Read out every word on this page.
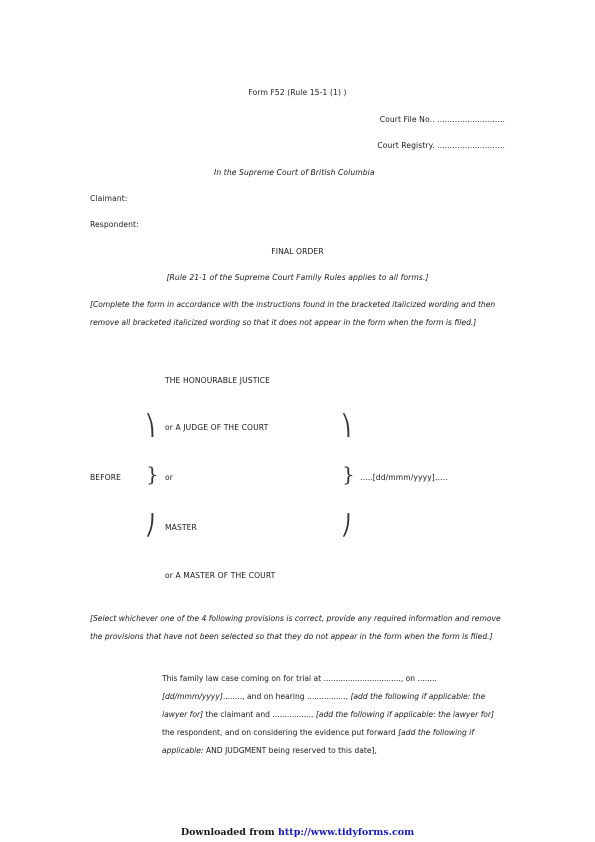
Form F52 (Rule 15-1 (1) )
Court File No.. ...........................
Court Registry. ...........................
In the Supreme Court of British Columbia
Claimant:
Respondent:
FINAL ORDER
[Rule 21-1 of the Supreme Court Family Rules applies to all forms.]
[Complete the form in accordance with the instructions found in the bracketed italicized wording and then remove all bracketed italicized wording so that it does not appear in the form when the form is filed.]
THE HONOURABLE JUSTICE
⎞ or A JUDGE OF THE COURT	⎞
BEFORE } or	} …..[dd/mmm/yyyy]…..
⎠ MASTER	⎠
or A MASTER OF THE COURT
[Select whichever one of the 4 following provisions is correct, provide any required information and remove the provisions that have not been selected so that they do not appear in the form when the form is filed.]
This family law case coming on for trial at ................................, on ........ [dd/mmm/yyyy]........, and on hearing ................, [add the following if applicable: the lawyer for] the claimant and ................, [add the following if applicable: the lawyer for] the respondent, and on considering the evidence put forward [add the following if applicable: AND JUDGMENT being reserved to this date],
Downloaded from http://www.tidyforms.com
